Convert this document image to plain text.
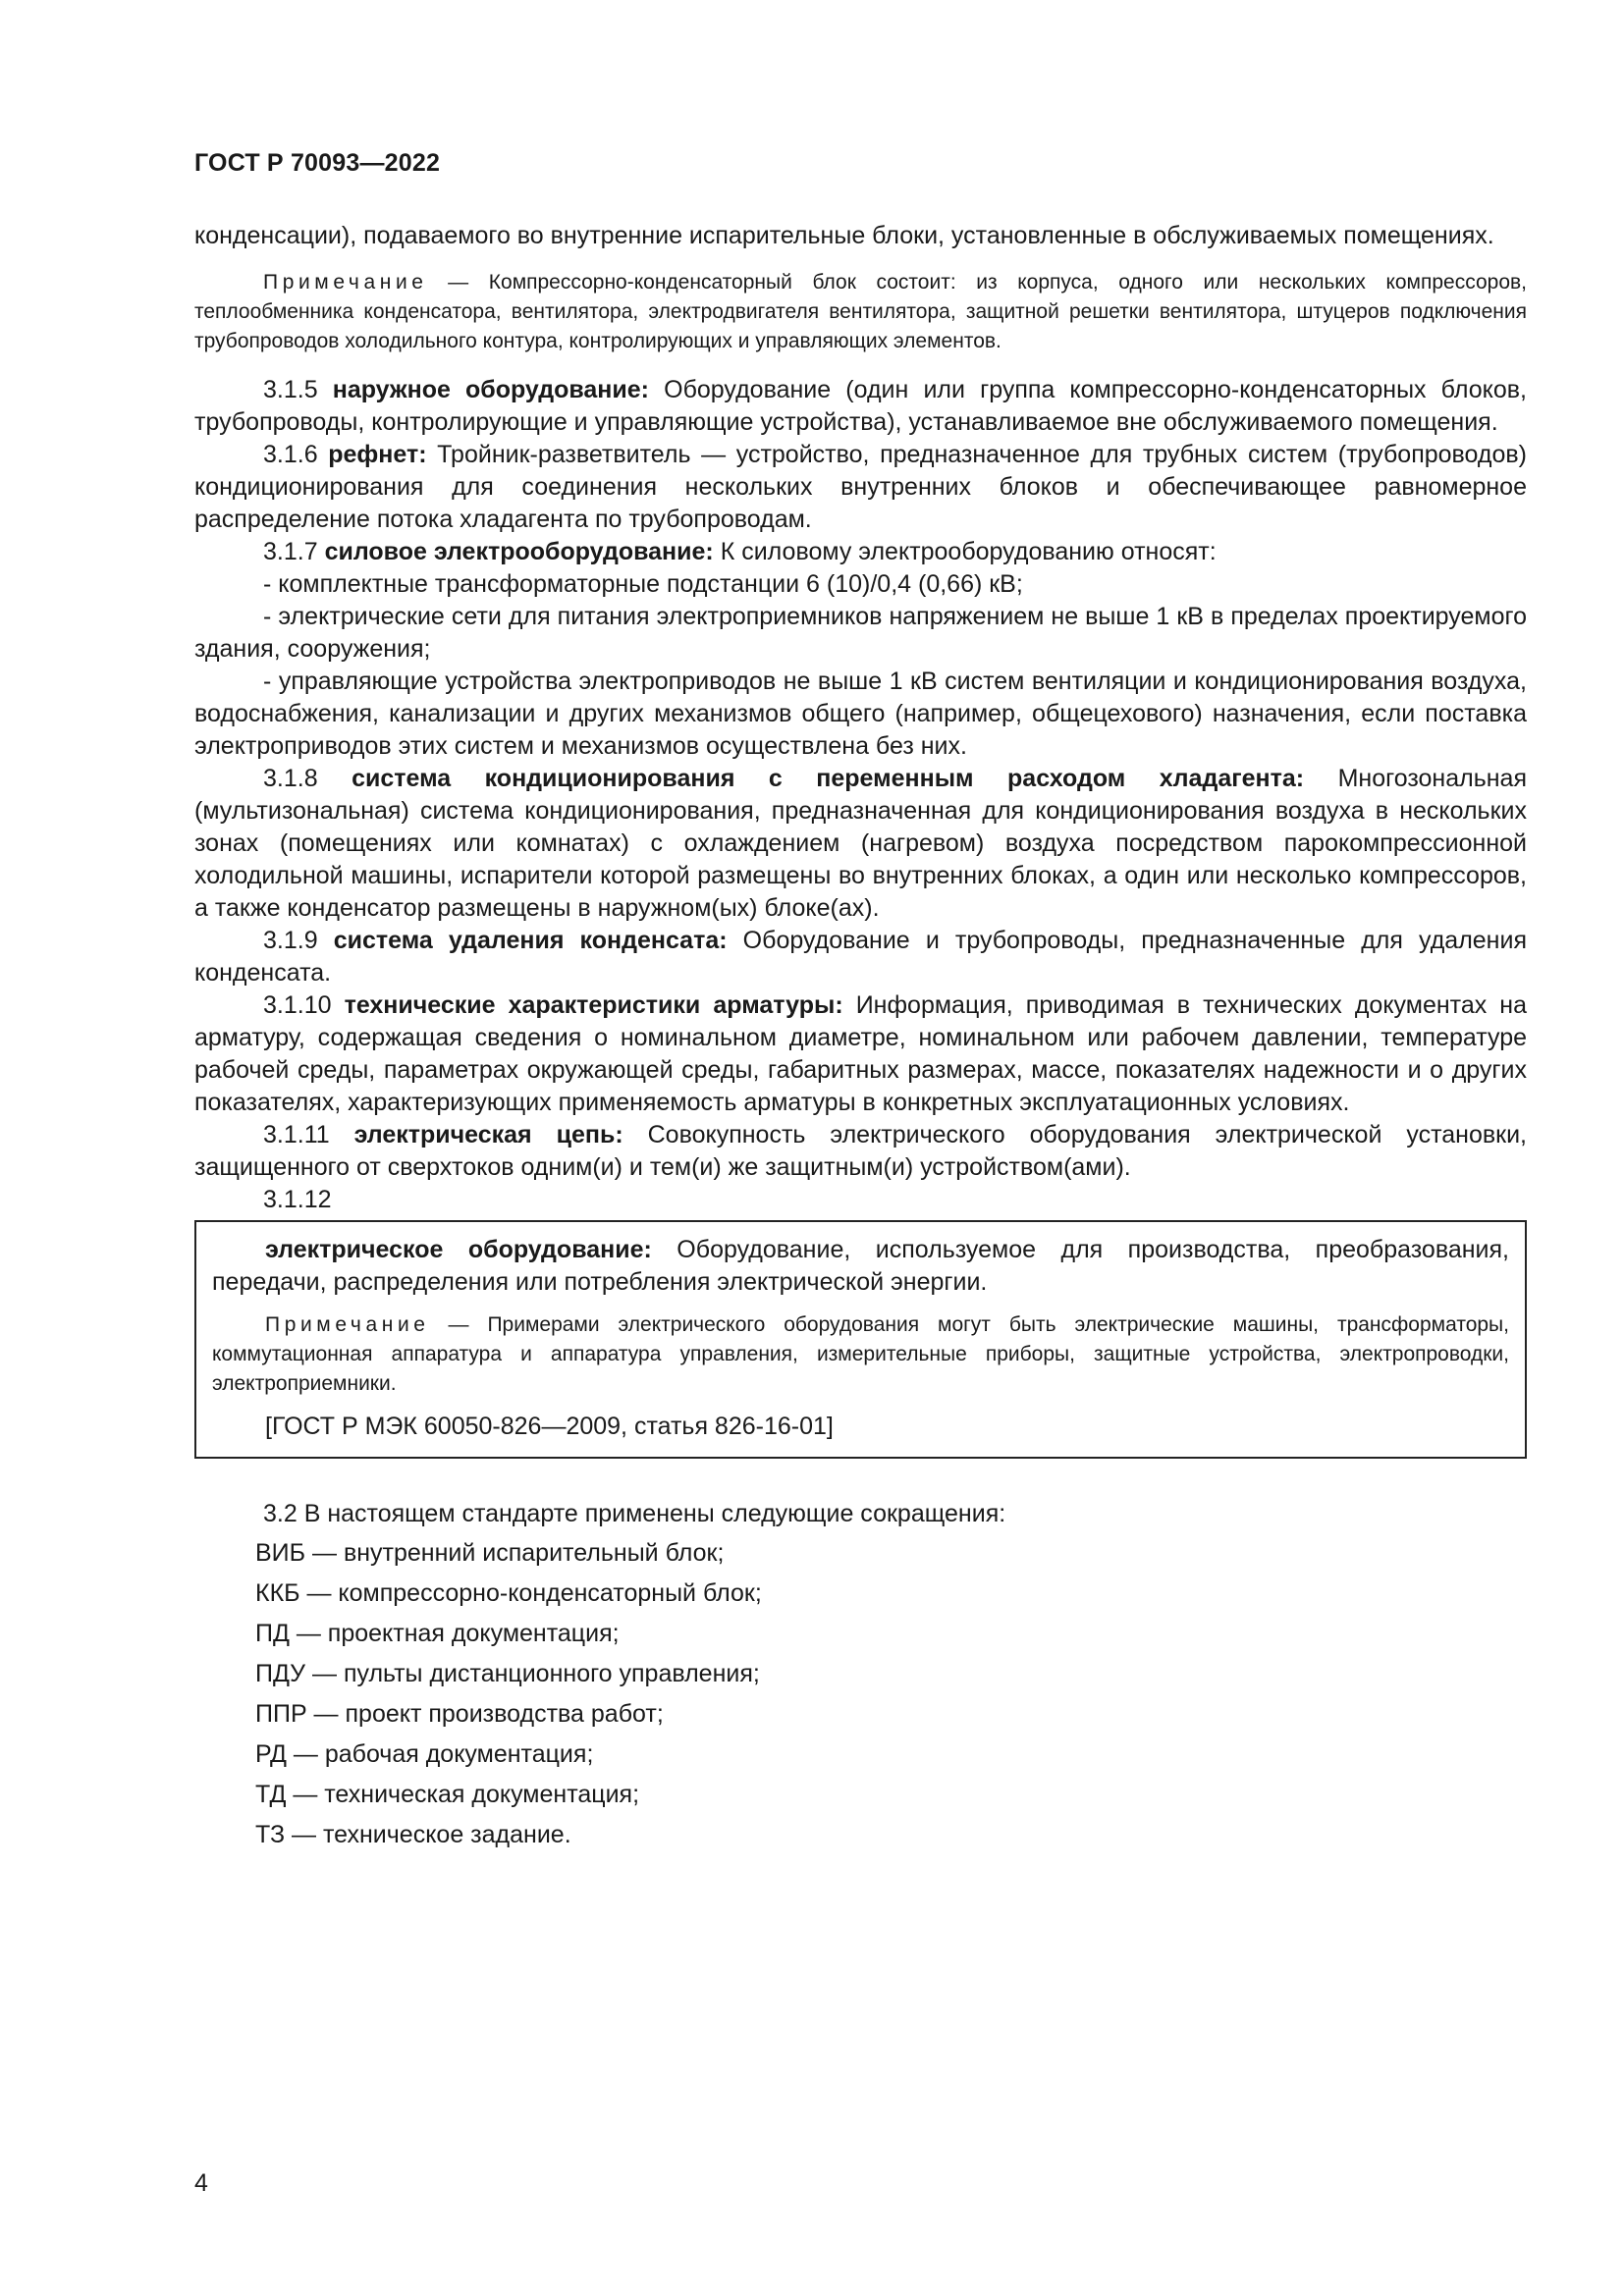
ГОСТ Р 70093—2022

конденсации), подаваемого во внутренние испарительные блоки, установленные в обслуживаемых помещениях.

Примечание — Компрессорно-конденсаторный блок состоит: из корпуса, одного или нескольких компрессоров, теплообменника конденсатора, вентилятора, электродвигателя вентилятора, защитной решетки вентилятора, штуцеров подключения трубопроводов холодильного контура, контролирующих и управляющих элементов.

3.1.5 наружное оборудование: Оборудование (один или группа компрессорно-конденсаторных блоков, трубопроводы, контролирующие и управляющие устройства), устанавливаемое вне обслуживаемого помещения.

3.1.6 рефнет: Тройник-разветвитель — устройство, предназначенное для трубных систем (трубопроводов) кондиционирования для соединения нескольких внутренних блоков и обеспечивающее равномерное распределение потока хладагента по трубопроводам.

3.1.7 силовое электрооборудование: К силовому электрооборудованию относят:

- комплектные трансформаторные подстанции 6 (10)/0,4 (0,66) кВ;

- электрические сети для питания электроприемников напряжением не выше 1 кВ в пределах проектируемого здания, сооружения;

- управляющие устройства электроприводов не выше 1 кВ систем вентиляции и кондиционирования воздуха, водоснабжения, канализации и других механизмов общего (например, общецехового) назначения, если поставка электроприводов этих систем и механизмов осуществлена без них.

3.1.8 система кондиционирования с переменным расходом хладагента: Многозональная (мультизональная) система кондиционирования, предназначенная для кондиционирования воздуха в нескольких зонах (помещениях или комнатах) с охлаждением (нагревом) воздуха посредством парокомпрессионной холодильной машины, испарители которой размещены во внутренних блоках, а один или несколько компрессоров, а также конденсатор размещены в наружном(ых) блоке(ах).

3.1.9 система удаления конденсата: Оборудование и трубопроводы, предназначенные для удаления конденсата.

3.1.10 технические характеристики арматуры: Информация, приводимая в технических документах на арматуру, содержащая сведения о номинальном диаметре, номинальном или рабочем давлении, температуре рабочей среды, параметрах окружающей среды, габаритных размерах, массе, показателях надежности и о других показателях, характеризующих применяемость арматуры в конкретных эксплуатационных условиях.

3.1.11 электрическая цепь: Совокупность электрического оборудования электрической установки, защищенного от сверхтоков одним(и) и тем(и) же защитным(и) устройством(ами).

3.1.12

электрическое оборудование: Оборудование, используемое для производства, преобразования, передачи, распределения или потребления электрической энергии.

Примечание — Примерами электрического оборудования могут быть электрические машины, трансформаторы, коммутационная аппаратура и аппаратура управления, измерительные приборы, защитные устройства, электропроводки, электроприемники.

[ГОСТ Р МЭК 60050-826—2009, статья 826-16-01]

3.2 В настоящем стандарте применены следующие сокращения:

ВИБ — внутренний испарительный блок;

ККБ — компрессорно-конденсаторный блок;

ПД — проектная документация;

ПДУ — пульты дистанционного управления;

ППР — проект производства работ;

РД — рабочая документация;

ТД — техническая документация;

ТЗ — техническое задание.

4
